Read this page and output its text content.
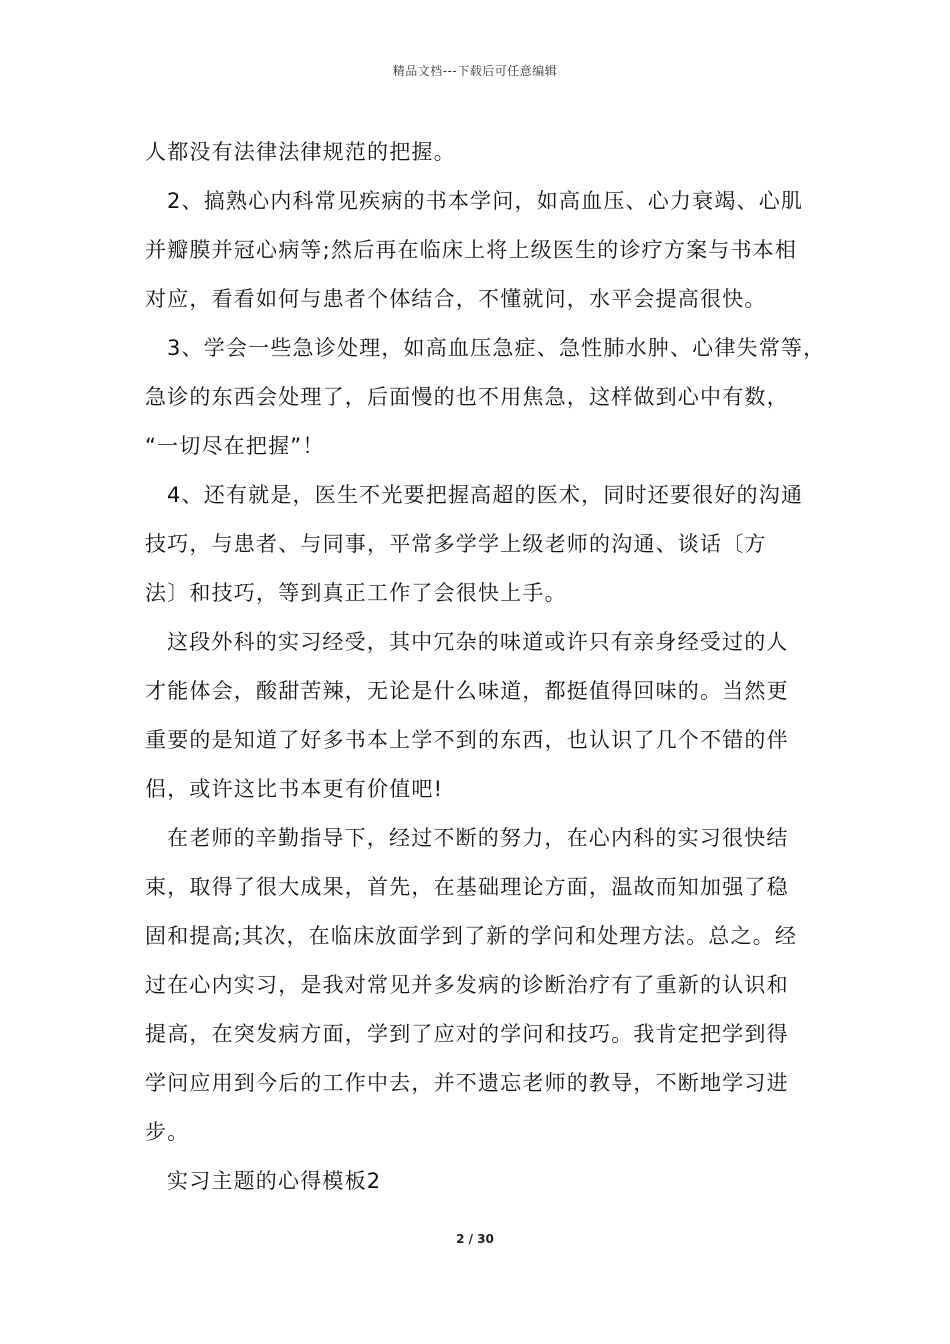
精品文档---下载后可任意编辑
人都没有法律法律规范的把握。
2、搞熟心内科常见疾病的书本学问，如高血压、心力衰竭、心肌
并瓣膜并冠心病等;然后再在临床上将上级医生的诊疗方案与书本相
对应，看看如何与患者个体结合，不懂就问，水平会提高很快。
3、学会一些急诊处理，如高血压急症、急性肺水肿、心律失常等，
急诊的东西会处理了，后面慢的也不用焦急，这样做到心中有数，
“一切尽在把握”！
4、还有就是，医生不光要把握高超的医术，同时还要很好的沟通
技巧，与患者、与同事，平常多学学上级老师的沟通、谈话〔方
法〕和技巧，等到真正工作了会很快上手。
这段外科的实习经受，其中冗杂的味道或许只有亲身经受过的人
才能体会，酸甜苦辣，无论是什么味道，都挺值得回味的。当然更
重要的是知道了好多书本上学不到的东西，也认识了几个不错的伴
侣，或许这比书本更有价值吧!
在老师的辛勤指导下，经过不断的努力，在心内科的实习很快结
束，取得了很大成果，首先，在基础理论方面，温故而知加强了稳
固和提高;其次，在临床放面学到了新的学问和处理方法。总之。经
过在心内实习，是我对常见并多发病的诊断治疗有了重新的认识和
提高，在突发病方面，学到了应对的学问和技巧。我肯定把学到得
学问应用到今后的工作中去，并不遗忘老师的教导，不断地学习进
步。
实习主题的心得模板2
2 / 30
